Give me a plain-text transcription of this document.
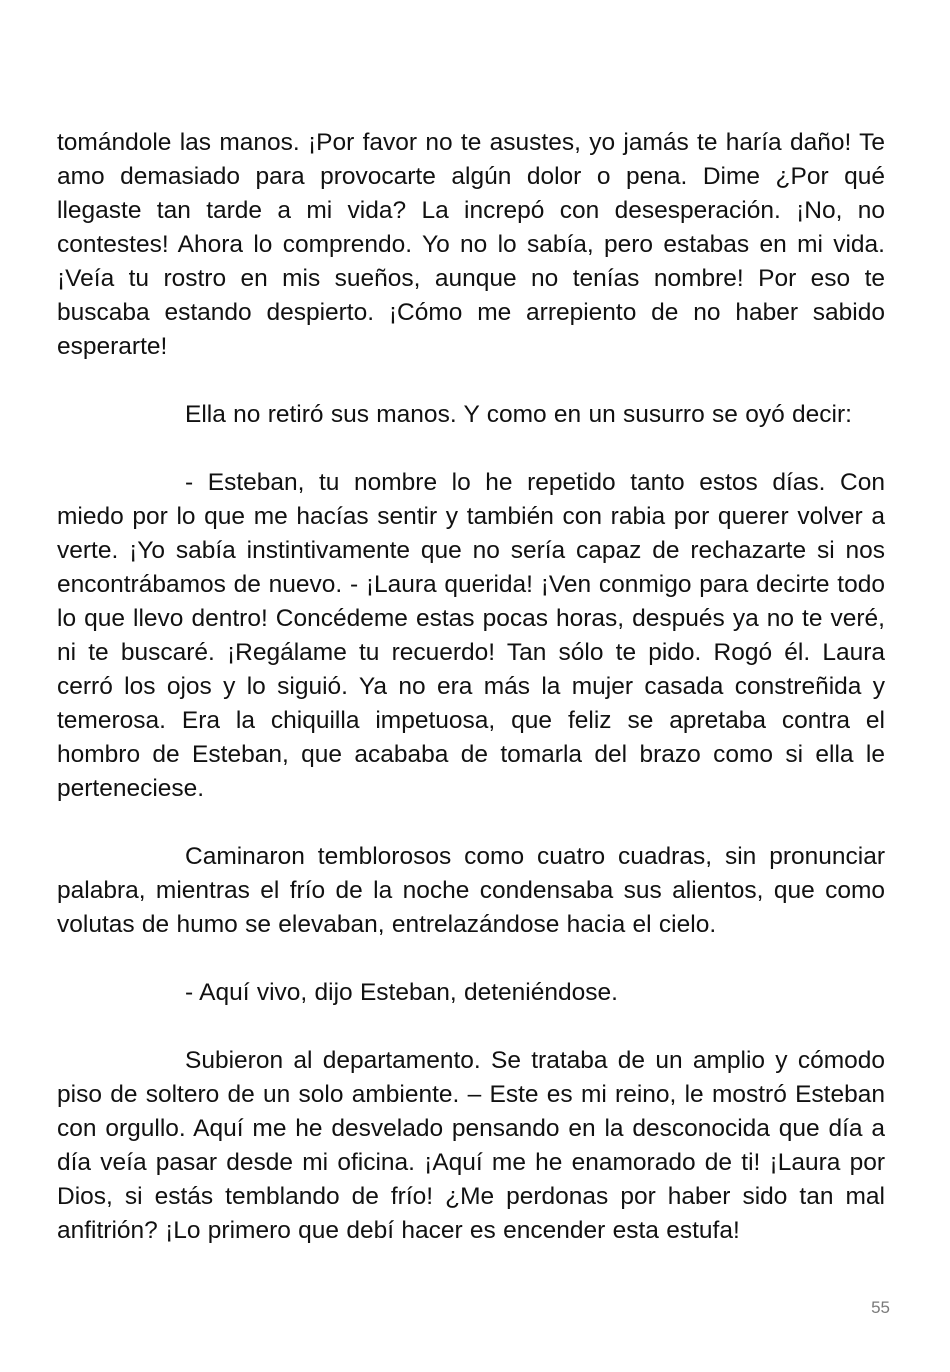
tomándole las manos. ¡Por favor no te asustes, yo jamás te haría daño! Te amo demasiado para provocarte algún dolor o pena. Dime ¿Por qué llegaste tan tarde a mi vida? La increpó con desesperación. ¡No, no contestes! Ahora lo comprendo. Yo no lo sabía, pero estabas en mi vida. ¡Veía tu rostro en mis sueños, aunque no tenías nombre! Por eso te buscaba estando despierto. ¡Cómo me arrepiento de no haber sabido esperarte!

Ella no retiró sus manos. Y como en un susurro se oyó decir:

- Esteban, tu nombre lo he repetido tanto estos días. Con miedo por lo que me hacías sentir y también con rabia por querer volver a verte. ¡Yo sabía instintivamente que no sería capaz de rechazarte si nos encontrábamos de nuevo. - ¡Laura querida! ¡Ven conmigo para decirte todo lo que llevo dentro! Concédeme estas pocas horas, después ya no te veré, ni te buscaré. ¡Regálame tu recuerdo! Tan sólo te pido. Rogó él. Laura cerró los ojos y lo siguió. Ya no era más la mujer casada constreñida y temerosa. Era la chiquilla impetuosa, que feliz se apretaba contra el hombro de Esteban, que acababa de tomarla del brazo como si ella le perteneciese.

Caminaron temblorosos como cuatro cuadras, sin pronunciar palabra, mientras el frío de la noche condensaba sus alientos, que como volutas de humo se elevaban, entrelazándose hacia el cielo.

- Aquí vivo, dijo Esteban, deteniéndose.

Subieron al departamento. Se trataba de un amplio y cómodo piso de soltero de un solo ambiente. – Este es mi reino, le mostró Esteban con orgullo. Aquí me he desvelado pensando en la desconocida que día a día veía pasar desde mi oficina. ¡Aquí me he enamorado de ti! ¡Laura por Dios, si estás temblando de frío! ¿Me perdonas por haber sido tan mal anfitrión? ¡Lo primero que debí hacer es encender esta estufa!

55
